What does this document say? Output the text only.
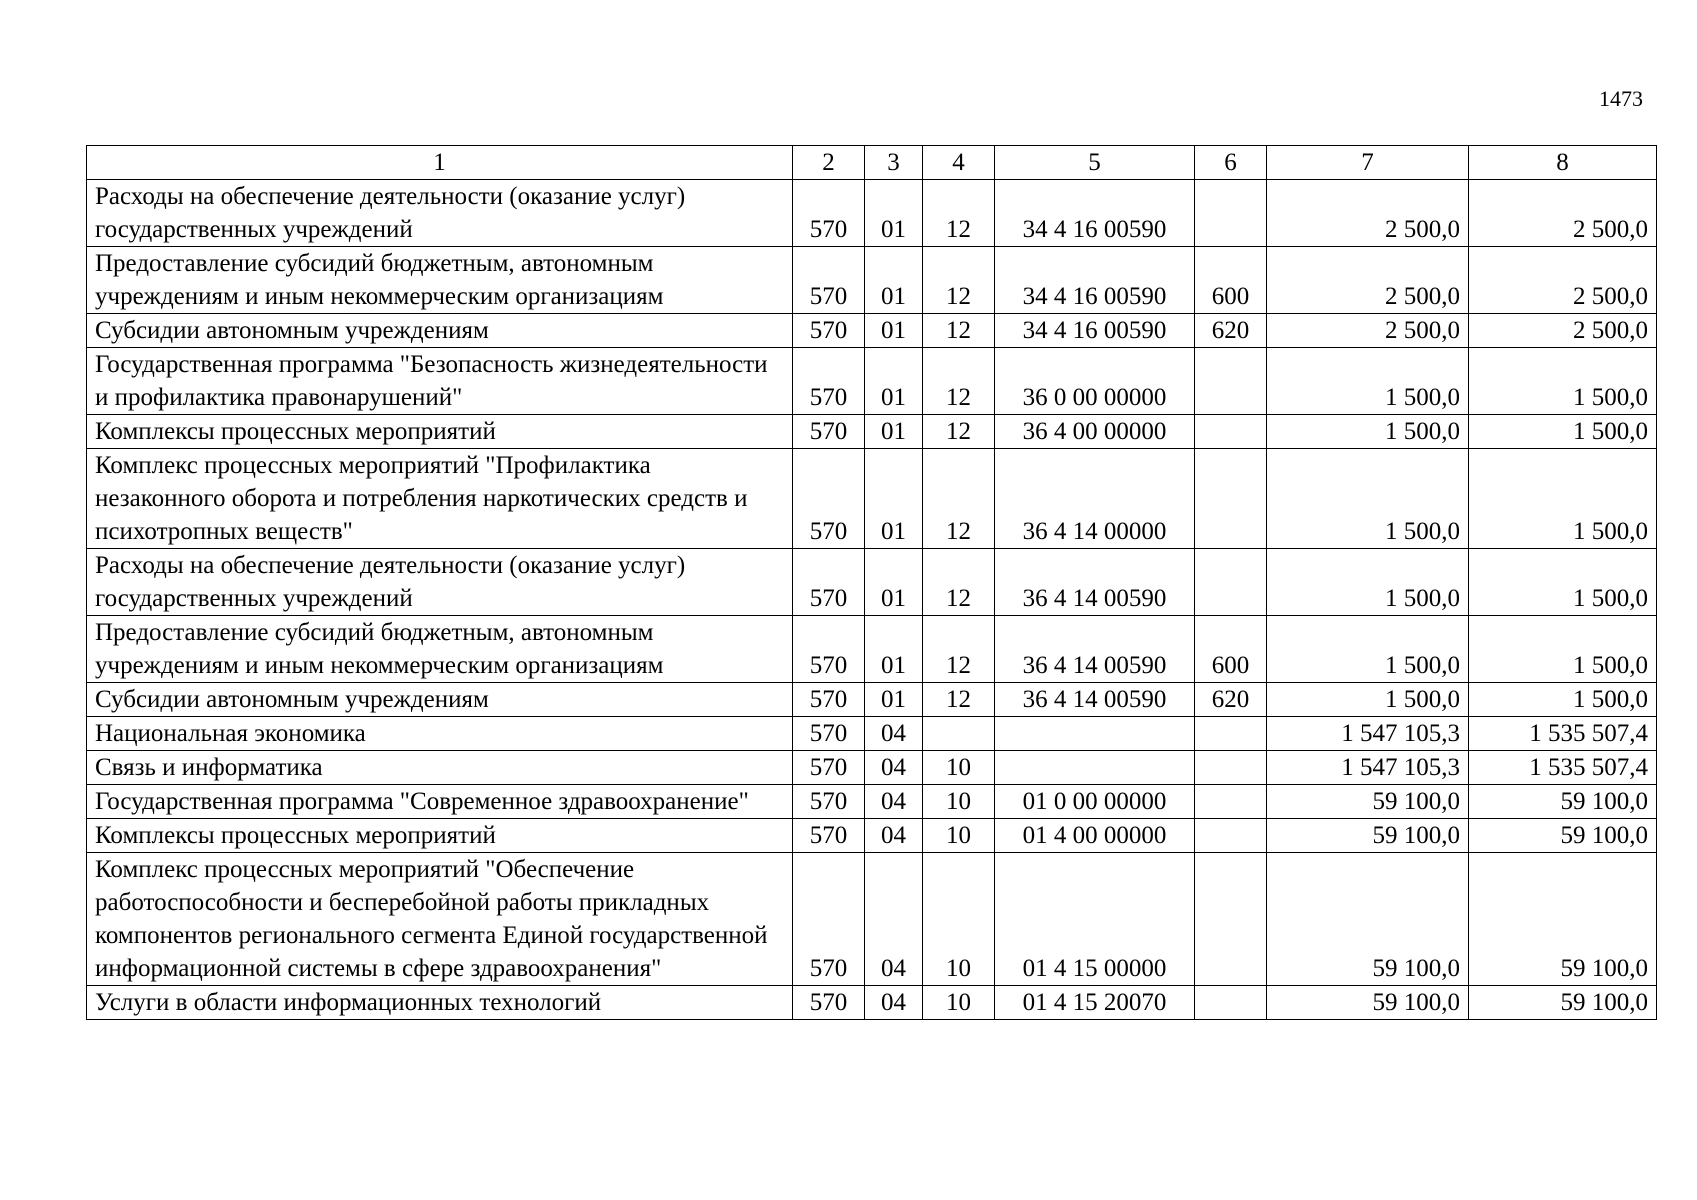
1473
1	2	3	4	5	6	7	8
Расходы на обеспечение деятельности (оказание услуг) государственных учреждений	570	01	12	34 4 16 00590		2 500,0	2 500,0
Предоставление субсидий бюджетным, автономным учреждениям и иным некоммерческим организациям	570	01	12	34 4 16 00590	600	2 500,0	2 500,0
Субсидии автономным учреждениям	570	01	12	34 4 16 00590	620	2 500,0	2 500,0
Государственная программа "Безопасность жизнедеятельности и профилактика правонарушений"	570	01	12	36 0 00 00000		1 500,0	1 500,0
Комплексы процессных мероприятий	570	01	12	36 4 00 00000		1 500,0	1 500,0
Комплекс процессных мероприятий "Профилактика незаконного оборота и потребления наркотических средств и психотропных веществ"	570	01	12	36 4 14 00000		1 500,0	1 500,0
Расходы на обеспечение деятельности (оказание услуг) государственных учреждений	570	01	12	36 4 14 00590		1 500,0	1 500,0
Предоставление субсидий бюджетным, автономным учреждениям и иным некоммерческим организациям	570	01	12	36 4 14 00590	600	1 500,0	1 500,0
Субсидии автономным учреждениям	570	01	12	36 4 14 00590	620	1 500,0	1 500,0
Национальная экономика	570	04				1 547 105,3	1 535 507,4
Связь и информатика	570	04	10			1 547 105,3	1 535 507,4
Государственная программа "Современное здравоохранение"	570	04	10	01 0 00 00000		59 100,0	59 100,0
Комплексы процессных мероприятий	570	04	10	01 4 00 00000		59 100,0	59 100,0
Комплекс процессных мероприятий "Обеспечение работоспособности и бесперебойной работы прикладных компонентов регионального сегмента Единой государственной информационной системы в сфере здравоохранения"	570	04	10	01 4 15 00000		59 100,0	59 100,0
Услуги в области информационных технологий	570	04	10	01 4 15 20070		59 100,0	59 100,0
